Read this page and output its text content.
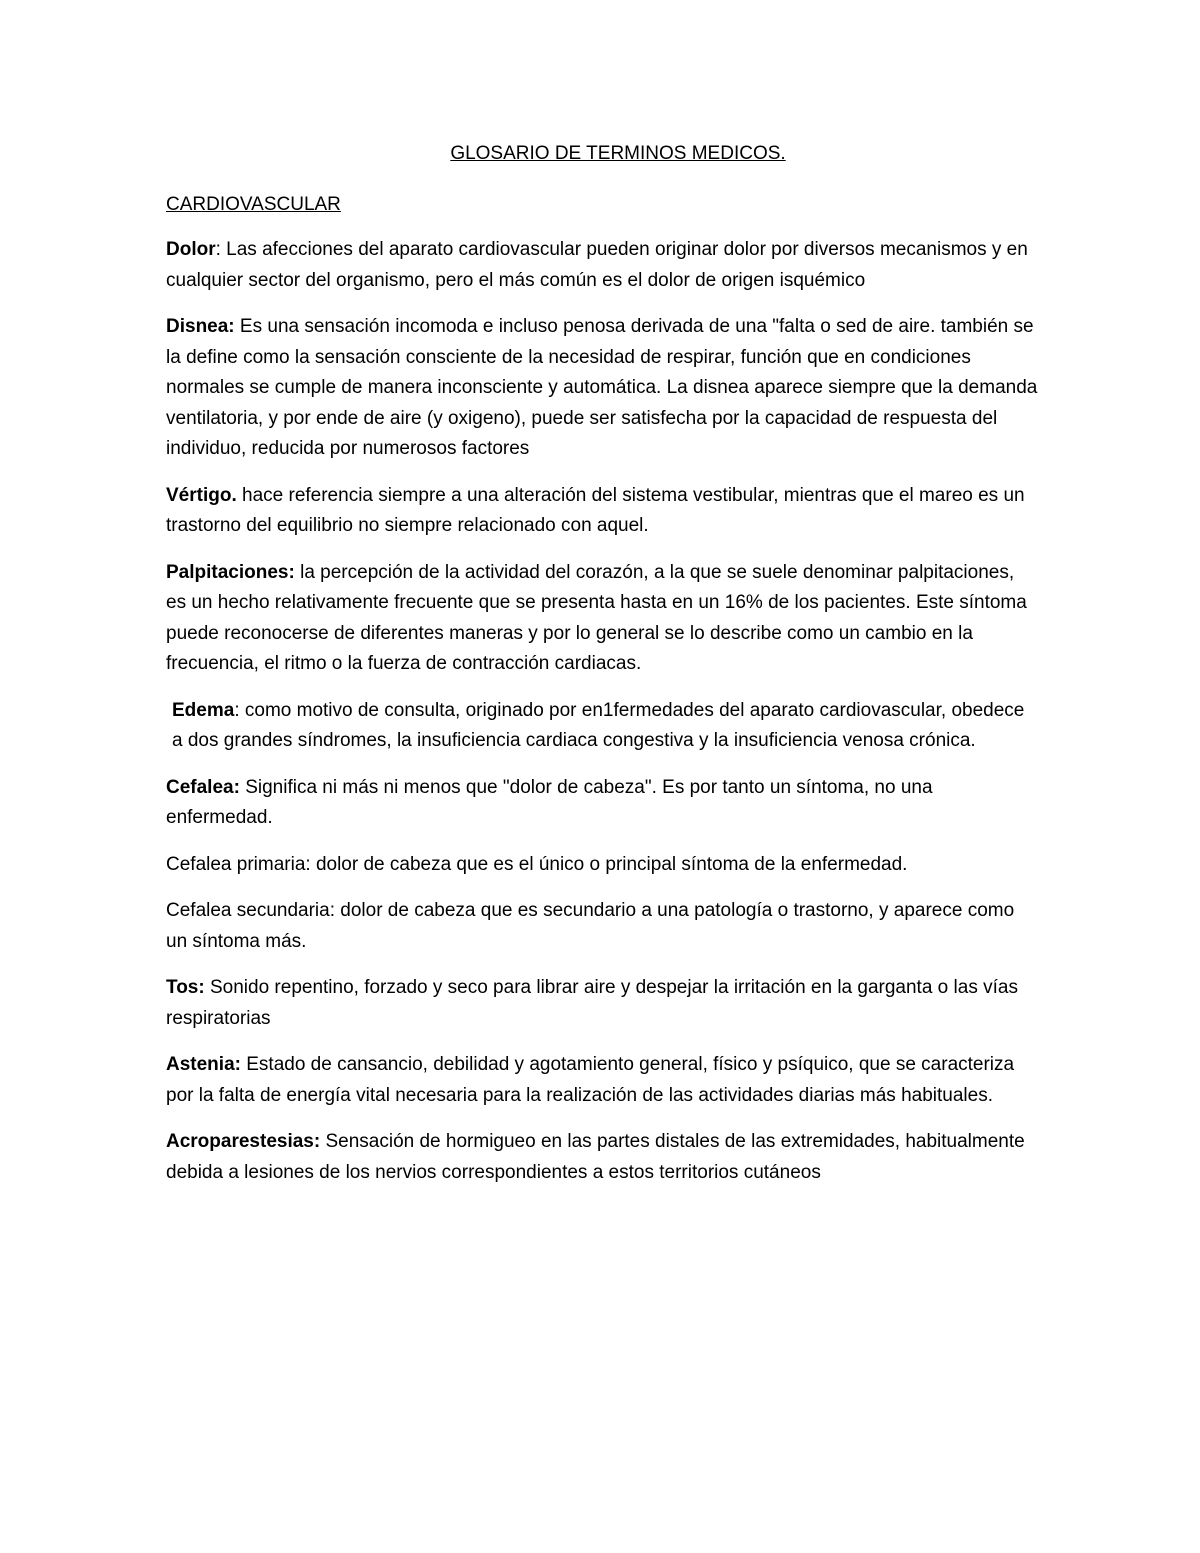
GLOSARIO DE TERMINOS MEDICOS.

CARDIOVASCULAR

Dolor: Las afecciones del aparato cardiovascular pueden originar dolor por diversos mecanismos y en cualquier sector del organismo, pero el más común es el dolor de origen isquémico

Disnea: Es una sensación incomoda e incluso penosa derivada de una "falta o sed de aire. también se la define como la sensación consciente de la necesidad de respirar, función que en condiciones normales se cumple de manera inconsciente y automática. La disnea aparece siempre que la demanda ventilatoria, y por ende de aire (y oxigeno), puede ser satisfecha por la capacidad de respuesta del individuo, reducida por numerosos factores

Vértigo. hace referencia siempre a una alteración del sistema vestibular, mientras que el mareo es un trastorno del equilibrio no siempre relacionado con aquel.

Palpitaciones: la percepción de la actividad del corazón, a la que se suele denominar palpitaciones, es un hecho relativamente frecuente que se presenta hasta en un 16% de los pacientes. Este síntoma puede reconocerse de diferentes maneras y por lo general se lo describe como un cambio en la frecuencia, el ritmo o la fuerza de contracción cardiacas.

Edema: como motivo de consulta, originado por en1fermedades del aparato cardiovascular, obedece a dos grandes síndromes, la insuficiencia cardiaca congestiva y la insuficiencia venosa crónica.

Cefalea: Significa ni más ni menos que "dolor de cabeza". Es por tanto un síntoma, no una enfermedad.

Cefalea primaria: dolor de cabeza que es el único o principal síntoma de la enfermedad.

Cefalea secundaria: dolor de cabeza que es secundario a una patología o trastorno, y aparece como un síntoma más.

Tos: Sonido repentino, forzado y seco para librar aire y despejar la irritación en la garganta o las vías respiratorias

Astenia: Estado de cansancio, debilidad y agotamiento general, físico y psíquico, que se caracteriza por la falta de energía vital necesaria para la realización de las actividades diarias más habituales.

Acroparestesias: Sensación de hormigueo en las partes distales de las extremidades, habitualmente debida a lesiones de los nervios correspondientes a estos territorios cutáneos
